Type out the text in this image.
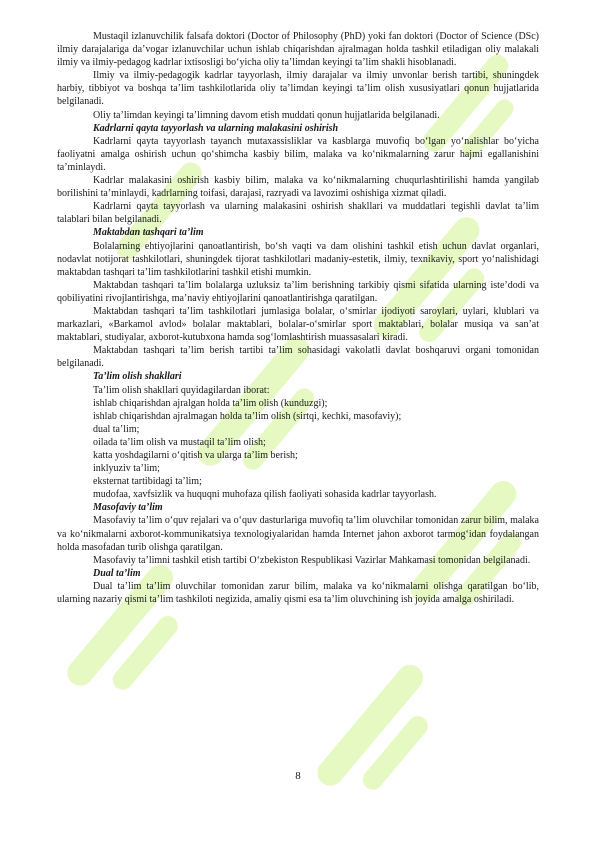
Mustaqil izlanuvchilik falsafa doktori (Doctor of Philosophy (PhD) yoki fan doktori (Doctor of Science (DSc) ilmiy darajalariga da’vogar izlanuvchilar uchun ishlab chiqarishdan ajralmagan holda tashkil etiladigan oliy malakali ilmiy va ilmiy-pedagog kadrlar ixtisosligi bo‘yicha oliy ta’limdan keyingi ta’lim shakli hisoblanadi.

Ilmiy va ilmiy-pedagogik kadrlar tayyorlash, ilmiy darajalar va ilmiy unvonlar berish tartibi, shuningdek harbiy, tibbiyot va boshqa ta’lim tashkilotlarida oliy ta’limdan keyingi ta’lim olish xususiyatlari qonun hujjatlarida belgilanadi.

Oliy ta’limdan keyingi ta’limning davom etish muddati qonun hujjatlarida belgilanadi.

Kadrlarni qayta tayyorlash va ularning malakasini oshirish

Kadrlarni qayta tayyorlash tayanch mutaxassisliklar va kasblarga muvofiq bo‘lgan yo‘nalishlar bo‘yicha faoliyatni amalga oshirish uchun qo‘shimcha kasbiy bilim, malaka va ko‘nikmalarning zarur hajmi egallanishini ta’minlaydi.

Kadrlar malakasini oshirish kasbiy bilim, malaka va ko‘nikmalarning chuqurlashtirilishi hamda yangilab borilishini ta’minlaydi, kadrlarning toifasi, darajasi, razryadi va lavozimi oshishiga xizmat qiladi.

Kadrlarni qayta tayyorlash va ularning malakasini oshirish shakllari va muddatlari tegishli davlat ta’lim talablari bilan belgilanadi.

Maktabdan tashqari ta’lim

Bolalarning ehtiyojlarini qanoatlantirish, bo‘sh vaqti va dam olishini tashkil etish uchun davlat organlari, nodavlat notijorat tashkilotlari, shuningdek tijorat tashkilotlari madaniy-estetik, ilmiy, texnikaviy, sport yo‘nalishidagi maktabdan tashqari ta’lim tashkilotlarini tashkil etishi mumkin.

Maktabdan tashqari ta’lim bolalarga uzluksiz ta’lim berishning tarkibiy qismi sifatida ularning iste’dodi va qobiliyatini rivojlantirishga, ma’naviy ehtiyojlarini qanoatlantirishga qaratilgan.

Maktabdan tashqari ta’lim tashkilotlari jumlasiga bolalar, o‘smirlar ijodiyoti saroylari, uylari, klublari va markazlari, «Barkamol avlod» bolalar maktablari, bolalar-o‘smirlar sport maktablari, bolalar musiqa va san’at maktablari, studiyalar, axborot-kutubxona hamda sog‘lomlashtirish muassasalari kiradi.

Maktabdan tashqari ta’lim berish tartibi ta’lim sohasidagi vakolatli davlat boshqaruvi organi tomonidan belgilanadi.

Ta’lim olish shakllari

Ta’lim olish shakllari quyidagilardan iborat:

ishlab chiqarishdan ajralgan holda ta’lim olish (kunduzgi);

ishlab chiqarishdan ajralmagan holda ta’lim olish (sirtqi, kechki, masofaviy);

dual ta’lim;

oilada ta’lim olish va mustaqil ta’lim olish;

katta yoshdagilarni o‘qitish va ularga ta’lim berish;

inklyuziv ta’lim;

eksternat tartibidagi ta’lim;

mudofaa, xavfsizlik va huquqni muhofaza qilish faoliyati sohasida kadrlar tayyorlash.

Masofaviy ta’lim

Masofaviy ta’lim o‘quv rejalari va o‘quv dasturlariga muvofiq ta’lim oluvchilar tomonidan zarur bilim, malaka va ko‘nikmalarni axborot-kommunikatsiya texnologiyalaridan hamda Internet jahon axborot tarmog‘idan foydalangan holda masofadan turib olishga qaratilgan.

Masofaviy ta’limni tashkil etish tartibi O‘zbekiston Respublikasi Vazirlar Mahkamasi tomonidan belgilanadi.

Dual ta’lim

Dual ta’lim ta’lim oluvchilar tomonidan zarur bilim, malaka va ko‘nikmalarni olishga qaratilgan bo‘lib, ularning nazariy qismi ta’lim tashkiloti negizida, amaliy qismi esa ta’lim oluvchining ish joyida amalga oshiriladi.

8
